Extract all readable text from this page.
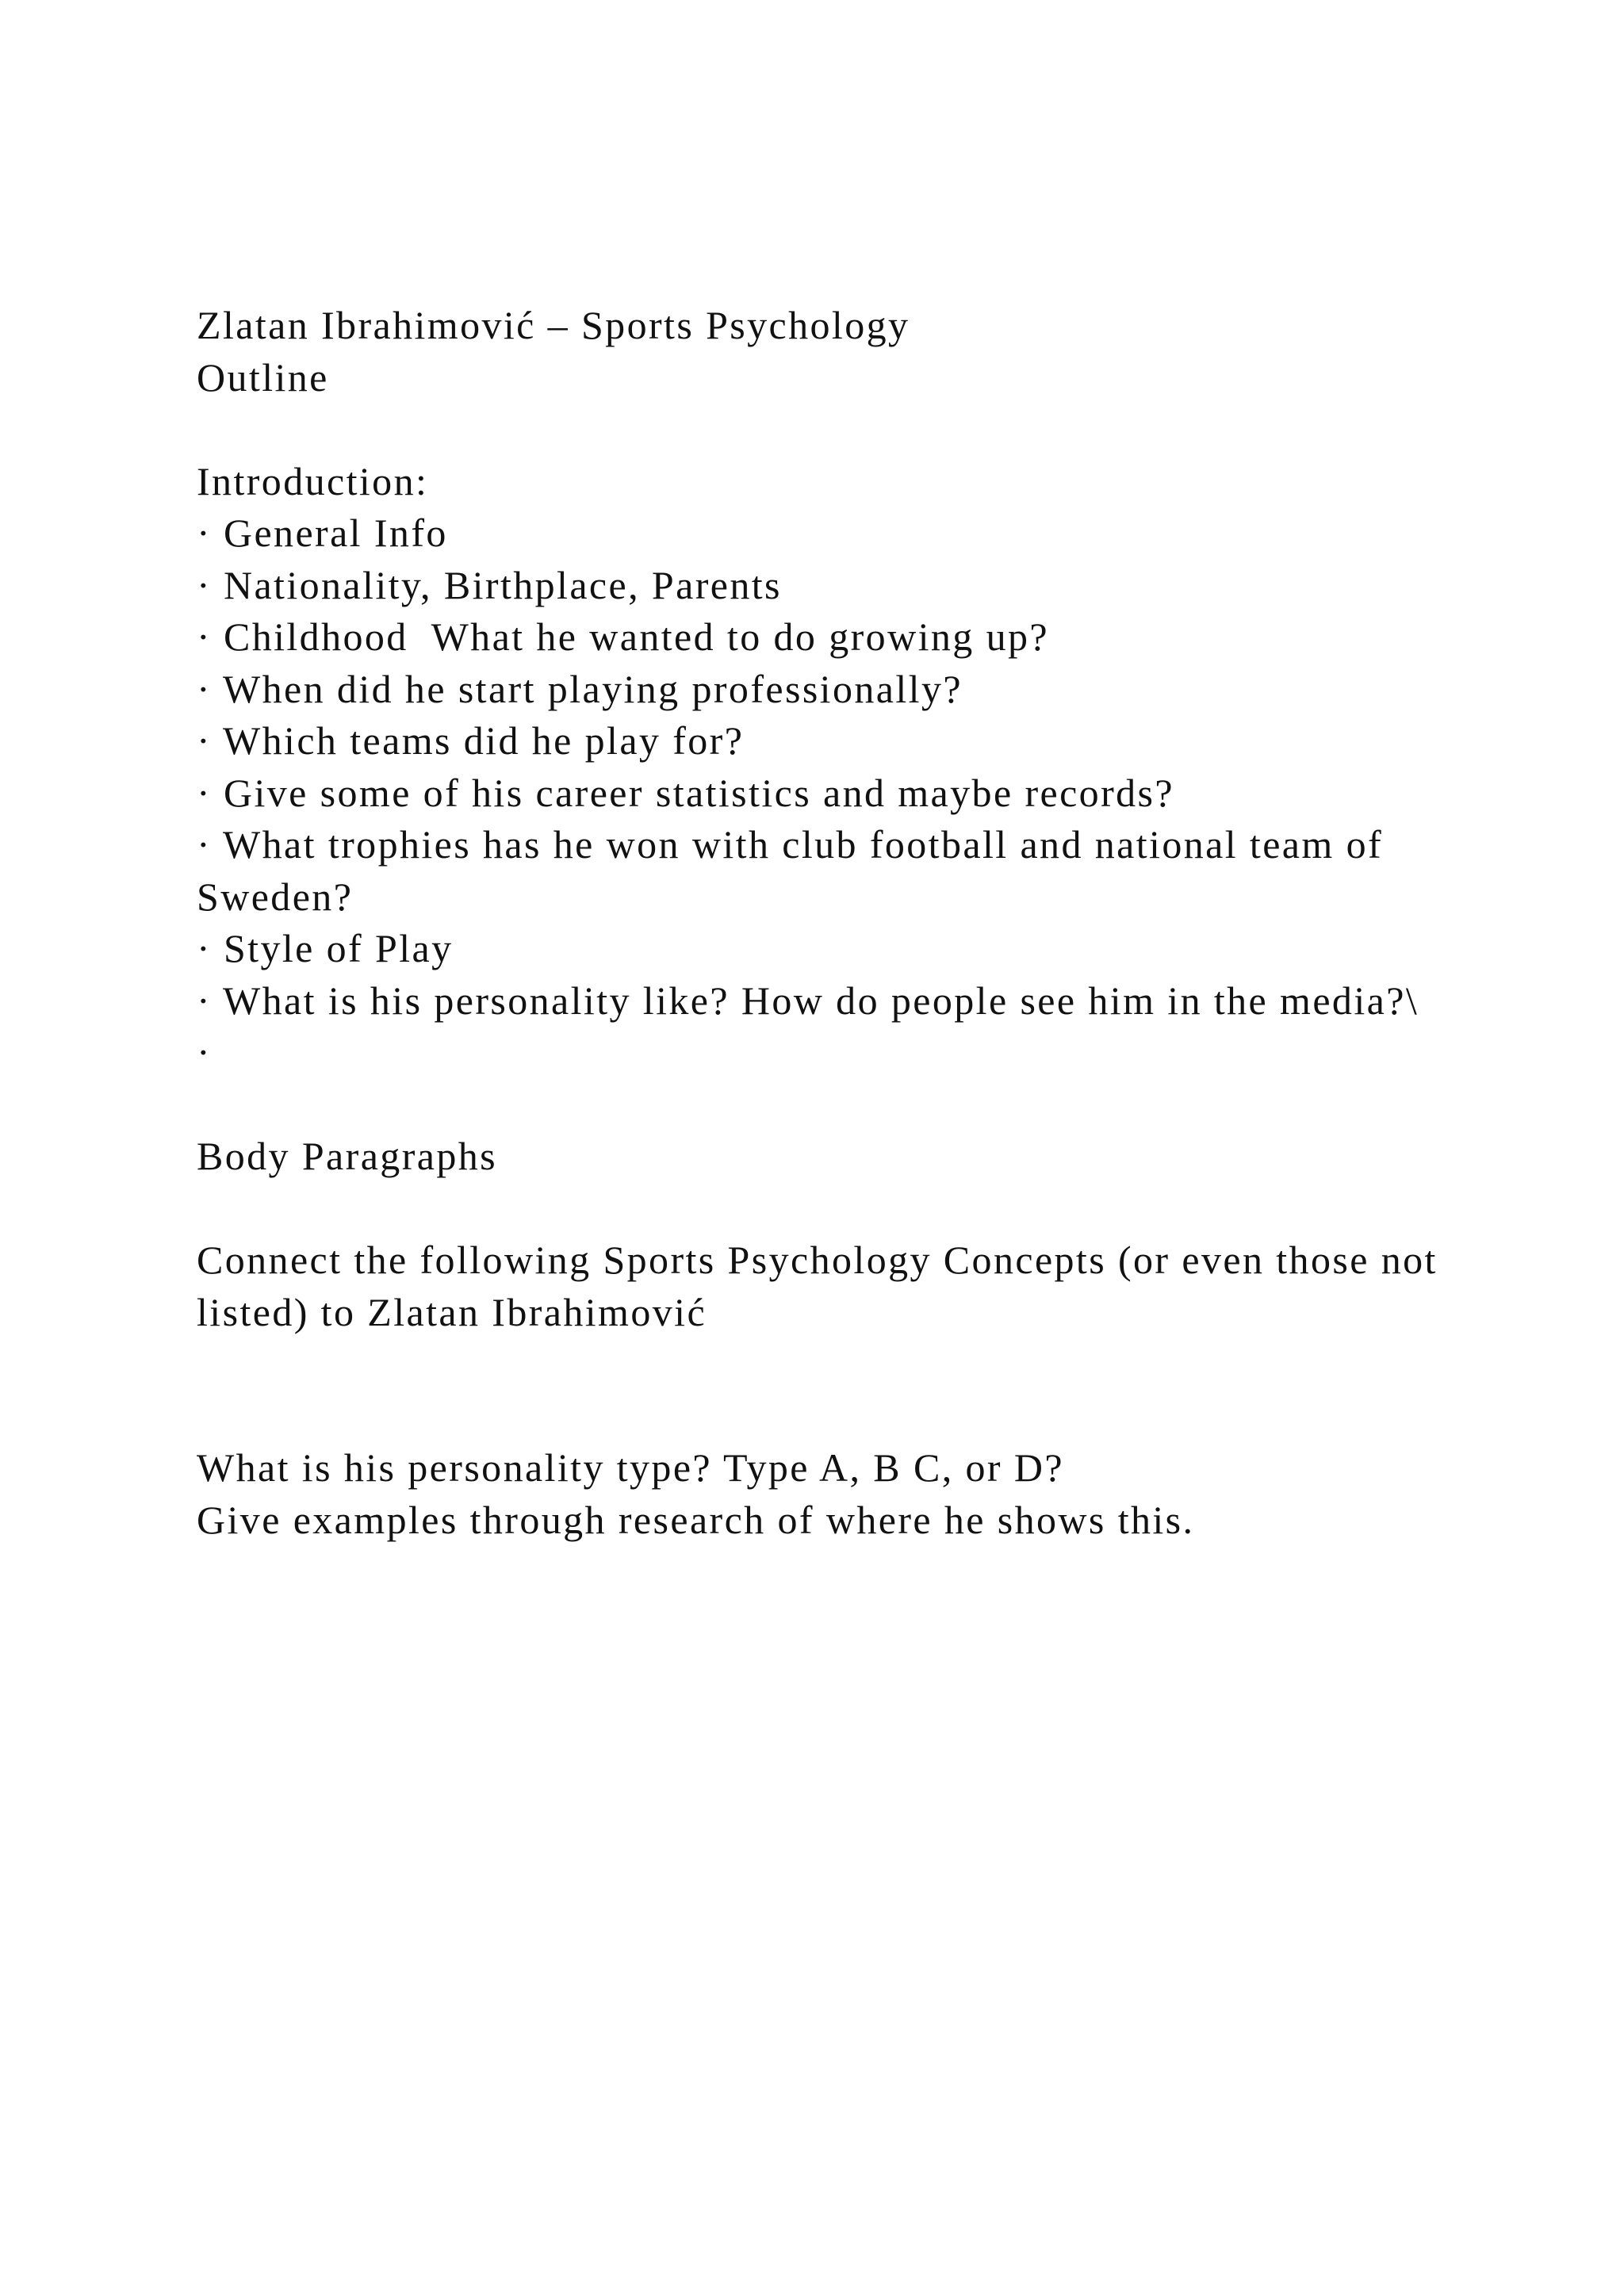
Zlatan Ibrahimović – Sports Psychology
Outline
Introduction:
· General Info
· Nationality, Birthplace, Parents
· Childhood  What he wanted to do growing up?
· When did he start playing professionally?
· Which teams did he play for?
· Give some of his career statistics and maybe records?
· What trophies has he won with club football and national team of Sweden?
· Style of Play
· What is his personality like? How do people see him in the media?\
·
Body Paragraphs
Connect the following Sports Psychology Concepts (or even those not listed) to Zlatan Ibrahimović
What is his personality type? Type A, B C, or D?
Give examples through research of where he shows this.
